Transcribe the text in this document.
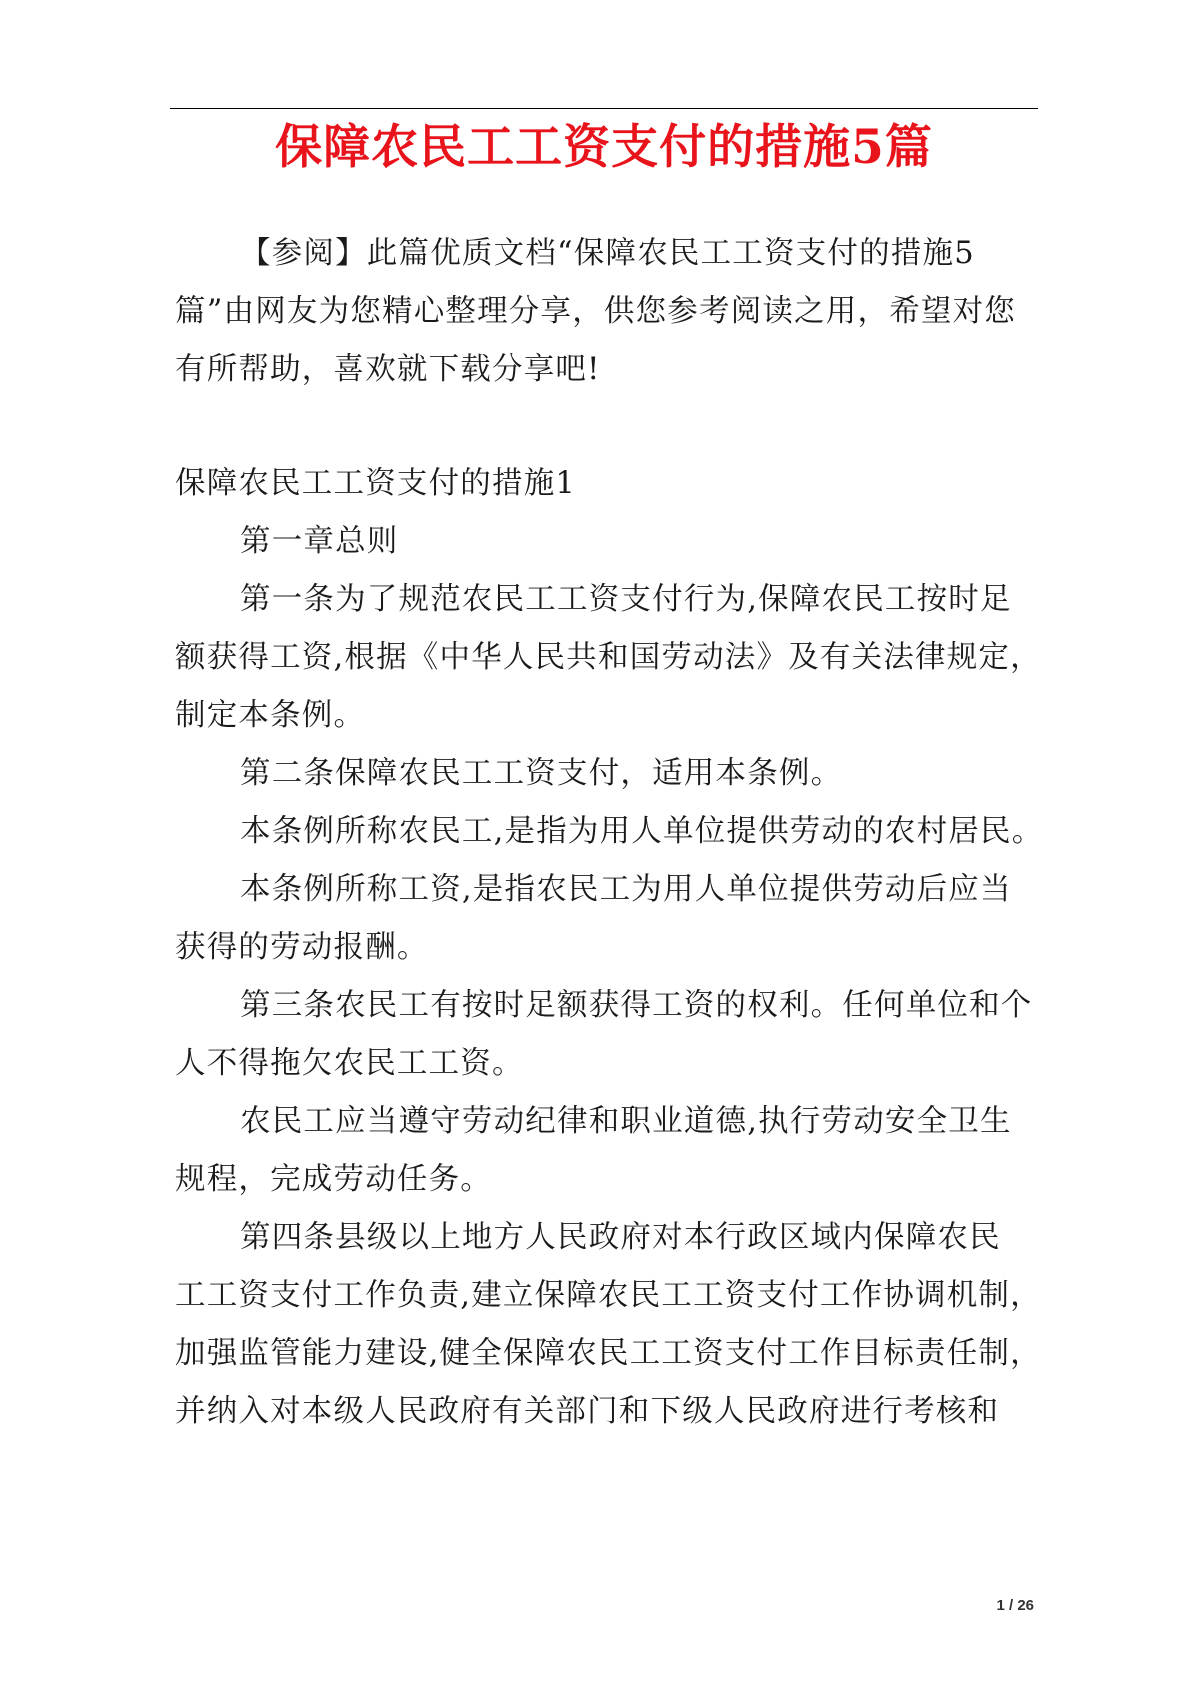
保障农民工工资支付的措施5篇
【参阅】此篇优质文档“保障农民工工资支付的措施5
篇”由网友为您精心整理分享，供您参考阅读之用，希望对您
有所帮助，喜欢就下载分享吧!
保障农民工工资支付的措施1
第一章总则
第一条为了规范农民工工资支付行为,保障农民工按时足
额获得工资,根据《中华人民共和国劳动法》及有关法律规定，
制定本条例。
第二条保障农民工工资支付，适用本条例。
本条例所称农民工,是指为用人单位提供劳动的农村居民。
本条例所称工资,是指农民工为用人单位提供劳动后应当
获得的劳动报酬。
第三条农民工有按时足额获得工资的权利。任何单位和个
人不得拖欠农民工工资。
农民工应当遵守劳动纪律和职业道德,执行劳动安全卫生
规程，完成劳动任务。
第四条县级以上地方人民政府对本行政区域内保障农民
工工资支付工作负责,建立保障农民工工资支付工作协调机制，
加强监管能力建设,健全保障农民工工资支付工作目标责任制，
并纳入对本级人民政府有关部门和下级人民政府进行考核和
1 / 26
